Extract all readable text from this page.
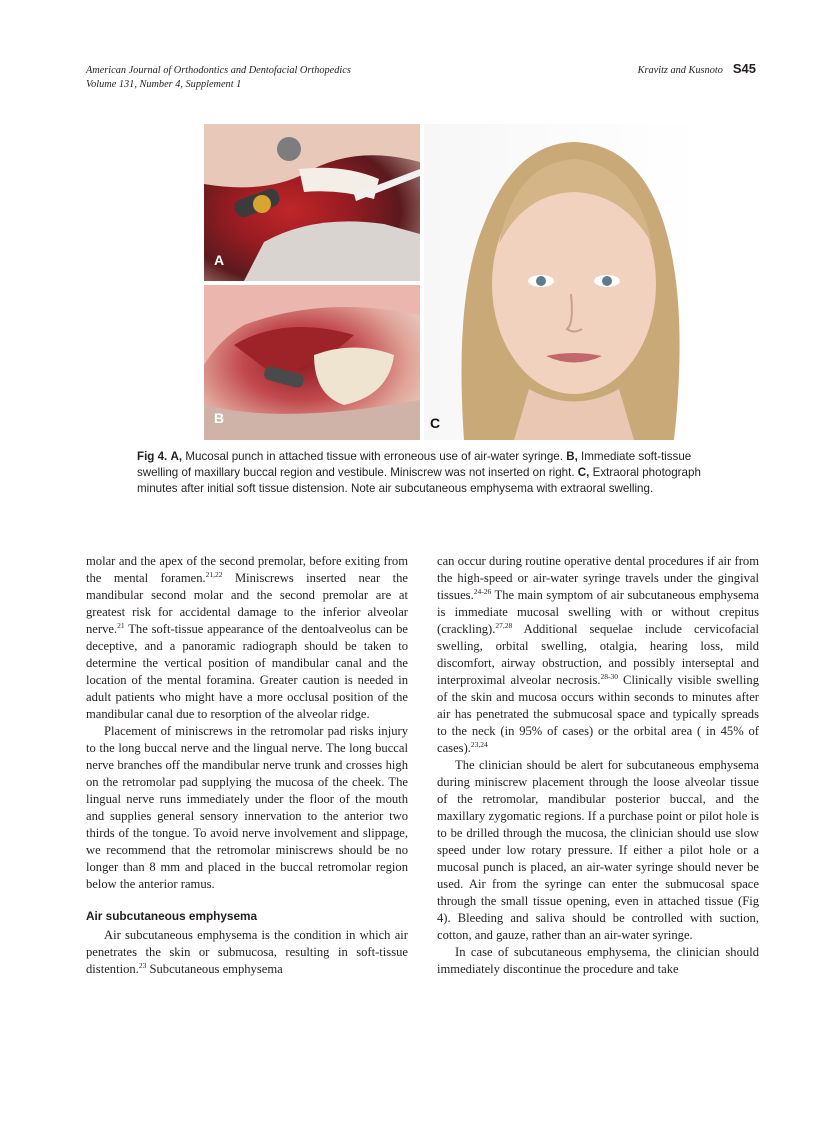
American Journal of Orthodontics and Dentofacial Orthopedics
Volume 131, Number 4, Supplement 1
Kravitz and Kusnoto S45
A
B	C
Fig 4. A, Mucosal punch in attached tissue with erroneous use of air-water syringe. B, Immediate soft-tissue swelling of maxillary buccal region and vestibule. Miniscrew was not inserted on right. C, Extraoral photograph minutes after initial soft tissue distension. Note air subcutaneous emphysema with extraoral swelling.

molar and the apex of the second premolar, before exiting from the mental foramen.$^{21,22}$ Miniscrews inserted near the mandibular second molar and the second premolar are at greatest risk for accidental damage to the inferior alveolar nerve.$^{21}$ The soft-tissue appearance of the dentoalveolus can be deceptive, and a panoramic radiograph should be taken to determine the vertical position of mandibular canal and the location of the mental foramina. Greater caution is needed in adult patients who might have a more occlusal position of the mandibular canal due to resorption of the alveolar ridge.

Placement of miniscrews in the retromolar pad risks injury to the long buccal nerve and the lingual nerve. The long buccal nerve branches off the mandibular nerve trunk and crosses high on the retromolar pad supplying the mucosa of the cheek. The lingual nerve runs immediately under the floor of the mouth and supplies general sensory innervation to the anterior two thirds of the tongue. To avoid nerve involvement and slippage, we recommend that the retromolar miniscrews should be no longer than 8 mm and placed in the buccal retromolar region below the anterior ramus.

Air subcutaneous emphysema

Air subcutaneous emphysema is the condition in which air penetrates the skin or submucosa, resulting in soft-tissue distention.$^{23}$ Subcutaneous emphysema

can occur during routine operative dental procedures if air from the high-speed or air-water syringe travels under the gingival tissues.$^{24-26}$ The main symptom of air subcutaneous emphysema is immediate mucosal swelling with or without crepitus (crackling).$^{27,28}$ Additional sequelae include cervicofacial swelling, orbital swelling, otalgia, hearing loss, mild discomfort, airway obstruction, and possibly interseptal and interproximal alveolar necrosis.$^{28-30}$ Clinically visible swelling of the skin and mucosa occurs within seconds to minutes after air has penetrated the submucosal space and typically spreads to the neck (in 95% of cases) or the orbital area ( in 45% of cases).$^{23,24}$

The clinician should be alert for subcutaneous emphysema during miniscrew placement through the loose alveolar tissue of the retromolar, mandibular posterior buccal, and the maxillary zygomatic regions. If a purchase point or pilot hole is to be drilled through the mucosa, the clinician should use slow speed under low rotary pressure. If either a pilot hole or a mucosal punch is placed, an air-water syringe should never be used. Air from the syringe can enter the submucosal space through the small tissue opening, even in attached tissue (Fig 4). Bleeding and saliva should be controlled with suction, cotton, and gauze, rather than an air-water syringe.

In case of subcutaneous emphysema, the clinician should immediately discontinue the procedure and take
